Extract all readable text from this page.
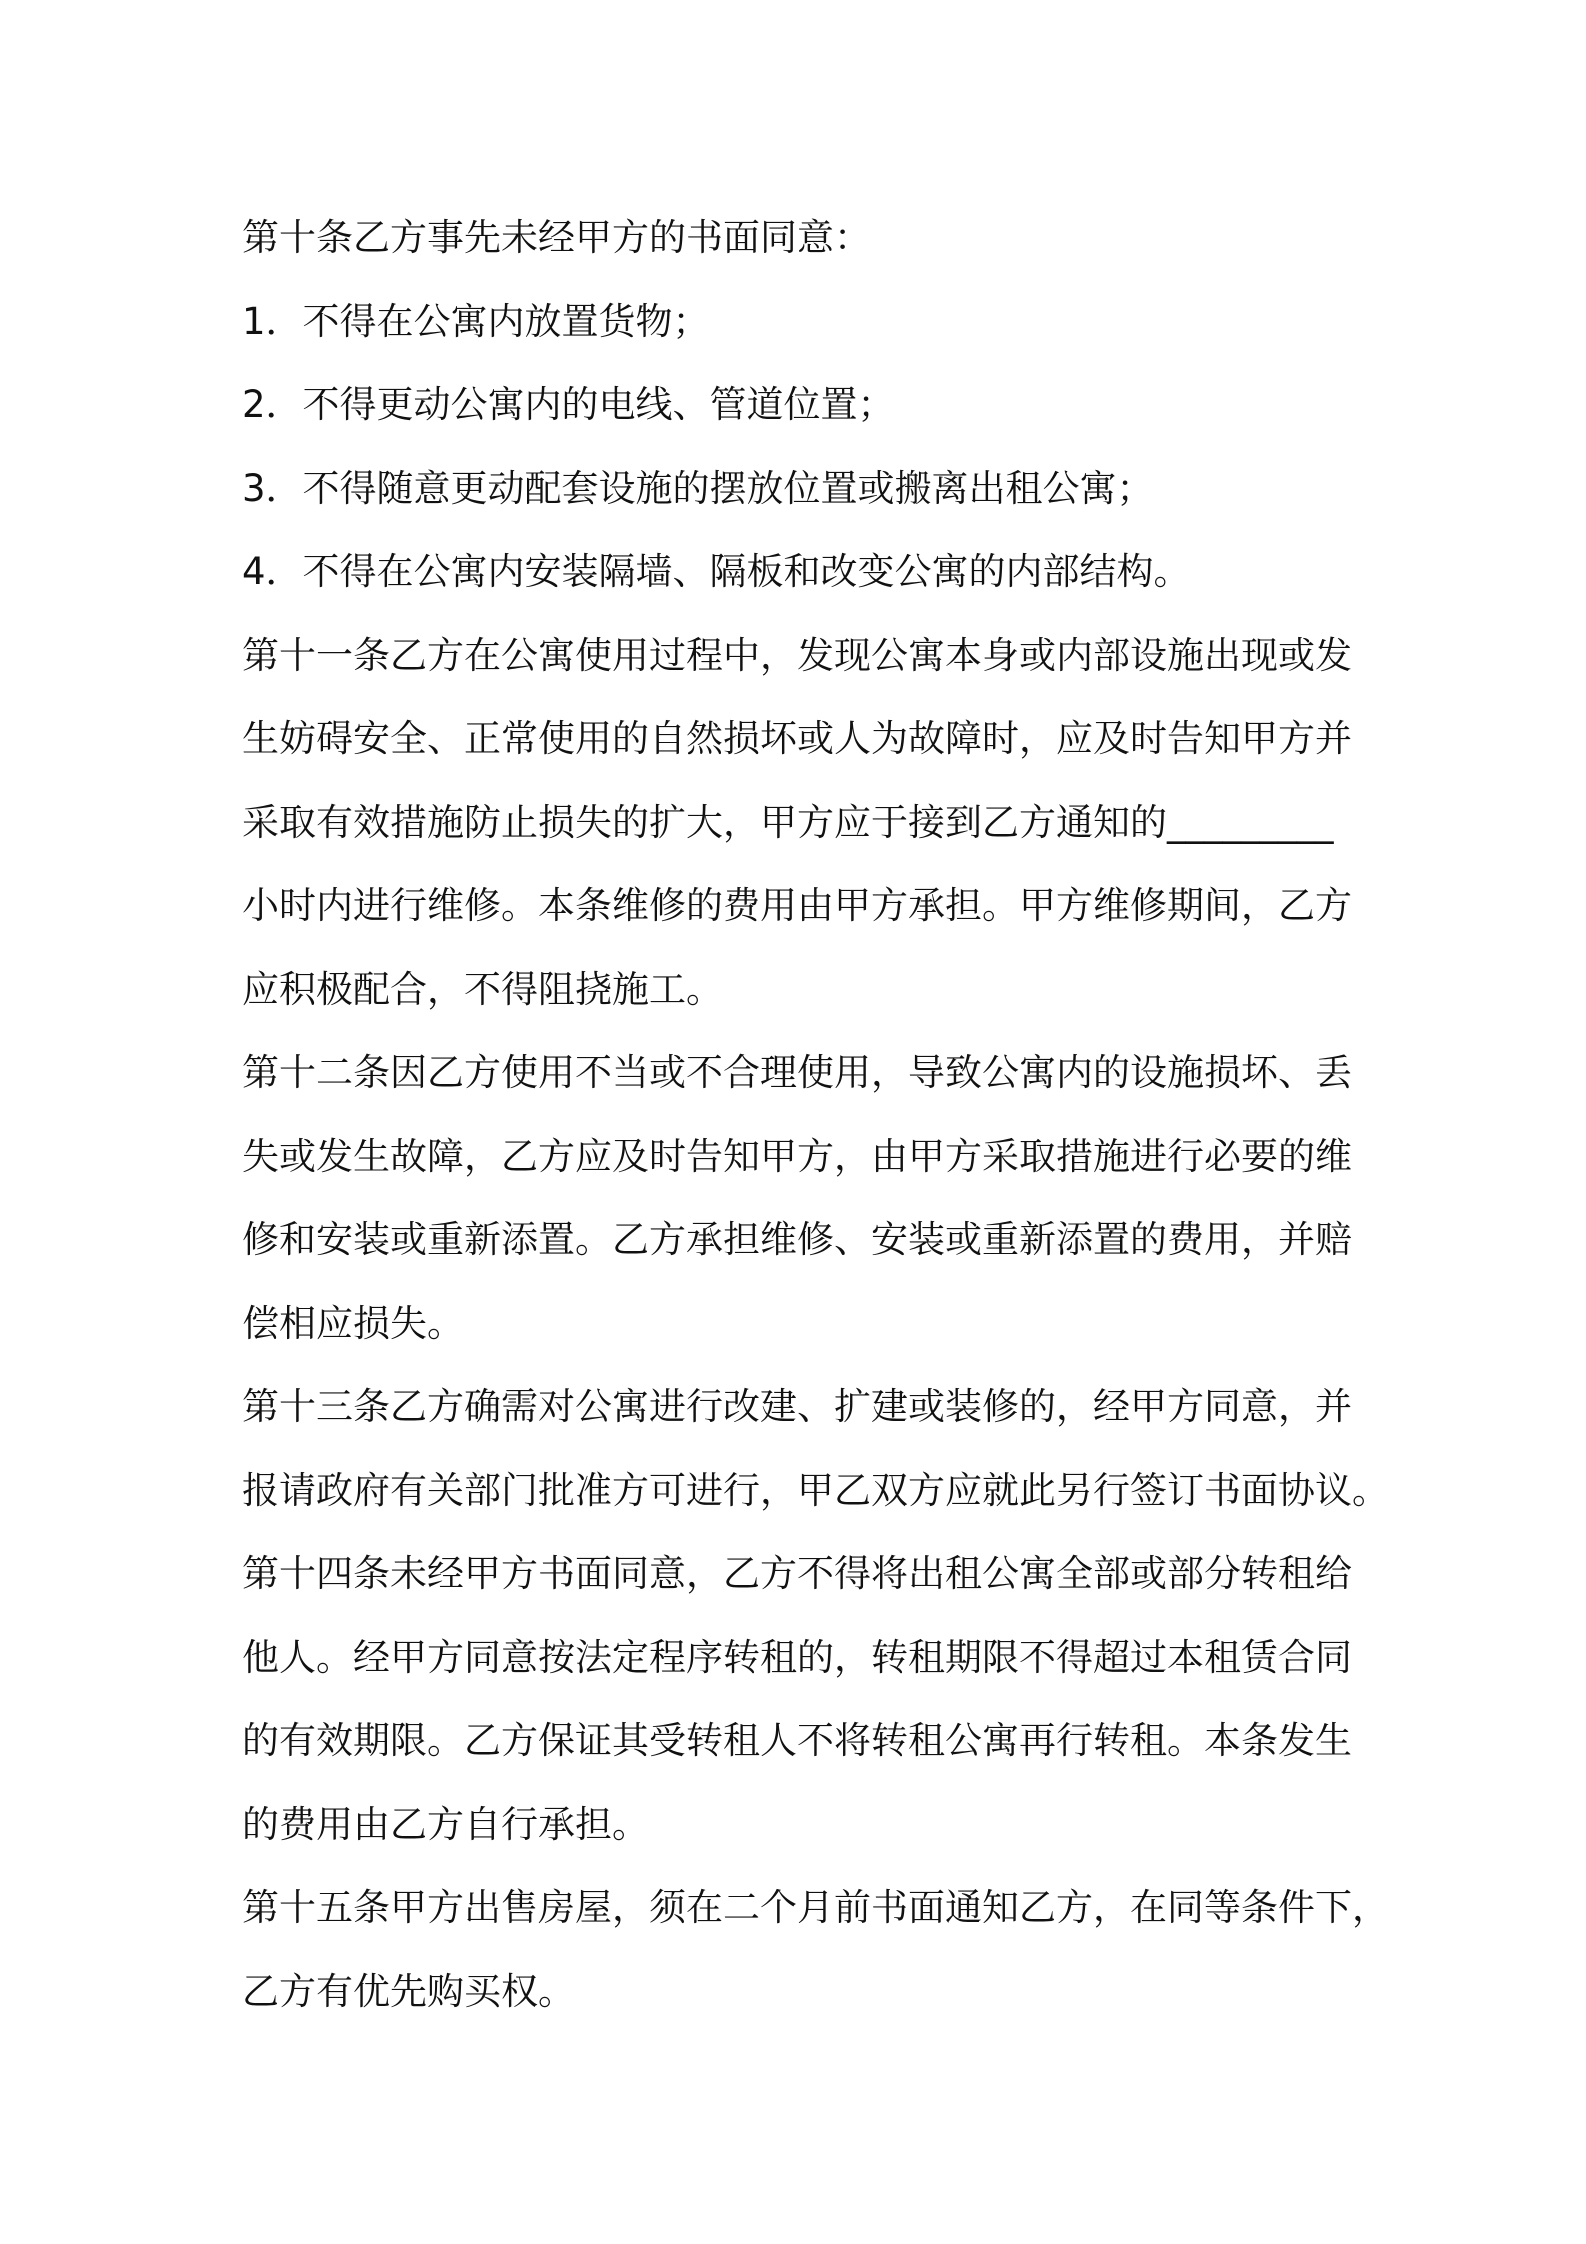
第十条乙方事先未经甲方的书面同意：
1．不得在公寓内放置货物；
2．不得更动公寓内的电线、管道位置；
3．不得随意更动配套设施的摆放位置或搬离出租公寓；
4．不得在公寓内安装隔墙、隔板和改变公寓的内部结构。
第十一条乙方在公寓使用过程中，发现公寓本身或内部设施出现或发
生妨碍安全、正常使用的自然损坏或人为故障时，应及时告知甲方并
采取有效措施防止损失的扩大，甲方应于接到乙方通知的_________
小时内进行维修。本条维修的费用由甲方承担。甲方维修期间，乙方
应积极配合，不得阻挠施工。
第十二条因乙方使用不当或不合理使用，导致公寓内的设施损坏、丢
失或发生故障，乙方应及时告知甲方，由甲方采取措施进行必要的维
修和安装或重新添置。乙方承担维修、安装或重新添置的费用，并赔
偿相应损失。
第十三条乙方确需对公寓进行改建、扩建或装修的，经甲方同意，并
报请政府有关部门批准方可进行，甲乙双方应就此另行签订书面协议。
第十四条未经甲方书面同意，乙方不得将出租公寓全部或部分转租给
他人。经甲方同意按法定程序转租的，转租期限不得超过本租赁合同
的有效期限。乙方保证其受转租人不将转租公寓再行转租。本条发生
的费用由乙方自行承担。
第十五条甲方出售房屋，须在二个月前书面通知乙方，在同等条件下，
乙方有优先购买权。
